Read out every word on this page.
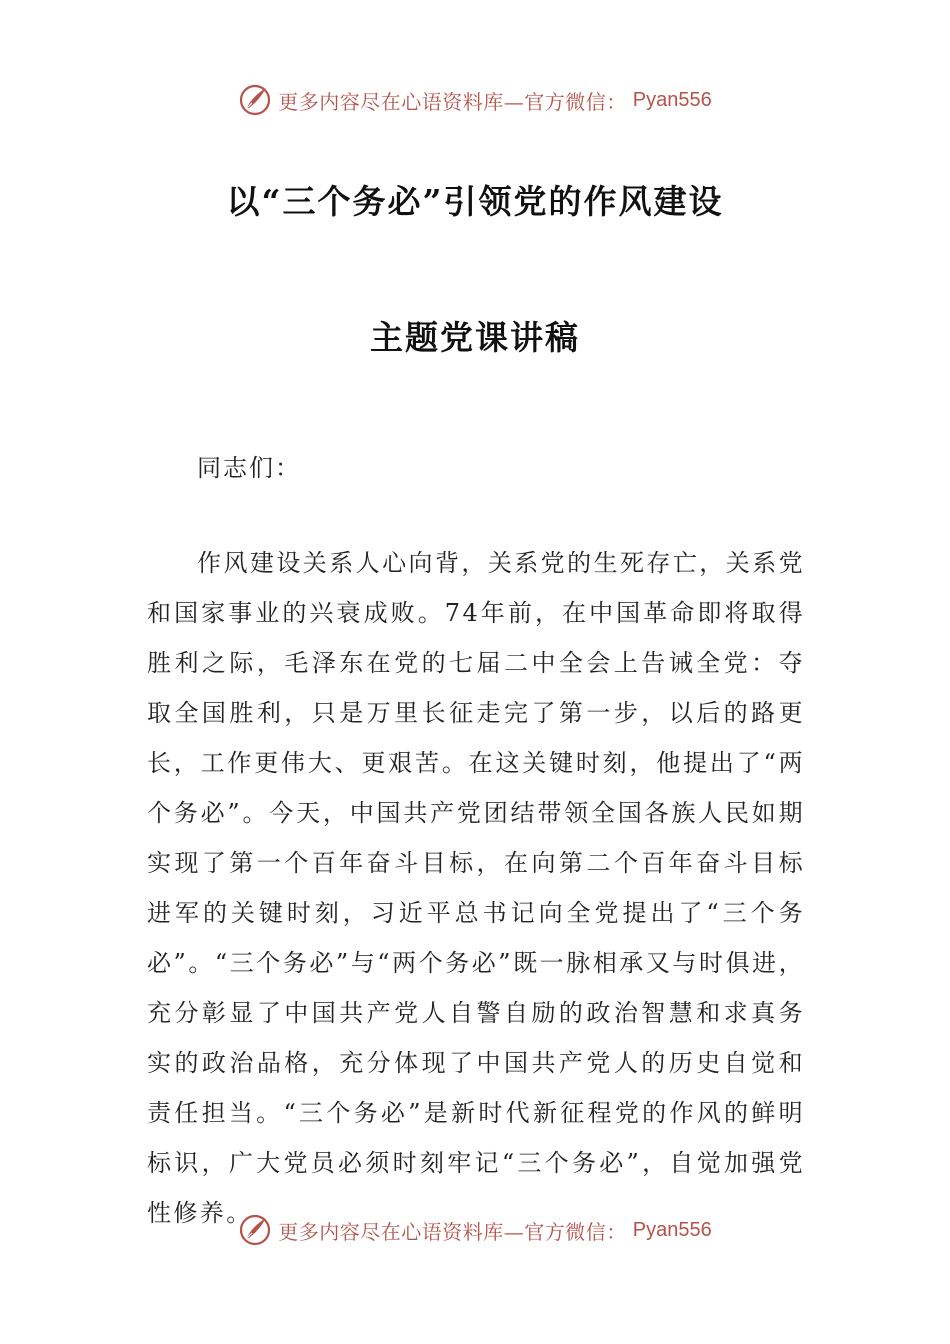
更多内容尽在心语资料库—官方微信： Pyan556
以“三个务必”引领党的作风建设
主题党课讲稿
同志们：
作风建设关系人心向背，关系党的生死存亡，关系党和国家事业的兴衰成败。74年前，在中国革命即将取得胜利之际，毛泽东在党的七届二中全会上告诫全党：夺取全国胜利，只是万里长征走完了第一步，以后的路更长，工作更伟大、更艰苦。在这关键时刻，他提出了“两个务必”。今天，中国共产党团结带领全国各族人民如期实现了第一个百年奋斗目标，在向第二个百年奋斗目标进军的关键时刻，习近平总书记向全党提出了“三个务必”。“三个务必”与“两个务必”既一脉相承又与时俱进，充分彰显了中国共产党人自警自励的政治智慧和求真务实的政治品格，充分体现了中国共产党人的历史自觉和责任担当。“三个务必”是新时代新征程党的作风的鲜明标识，广大党员必须时刻牢记“三个务必”，自觉加强党性修养。
更多内容尽在心语资料库—官方微信： Pyan556
